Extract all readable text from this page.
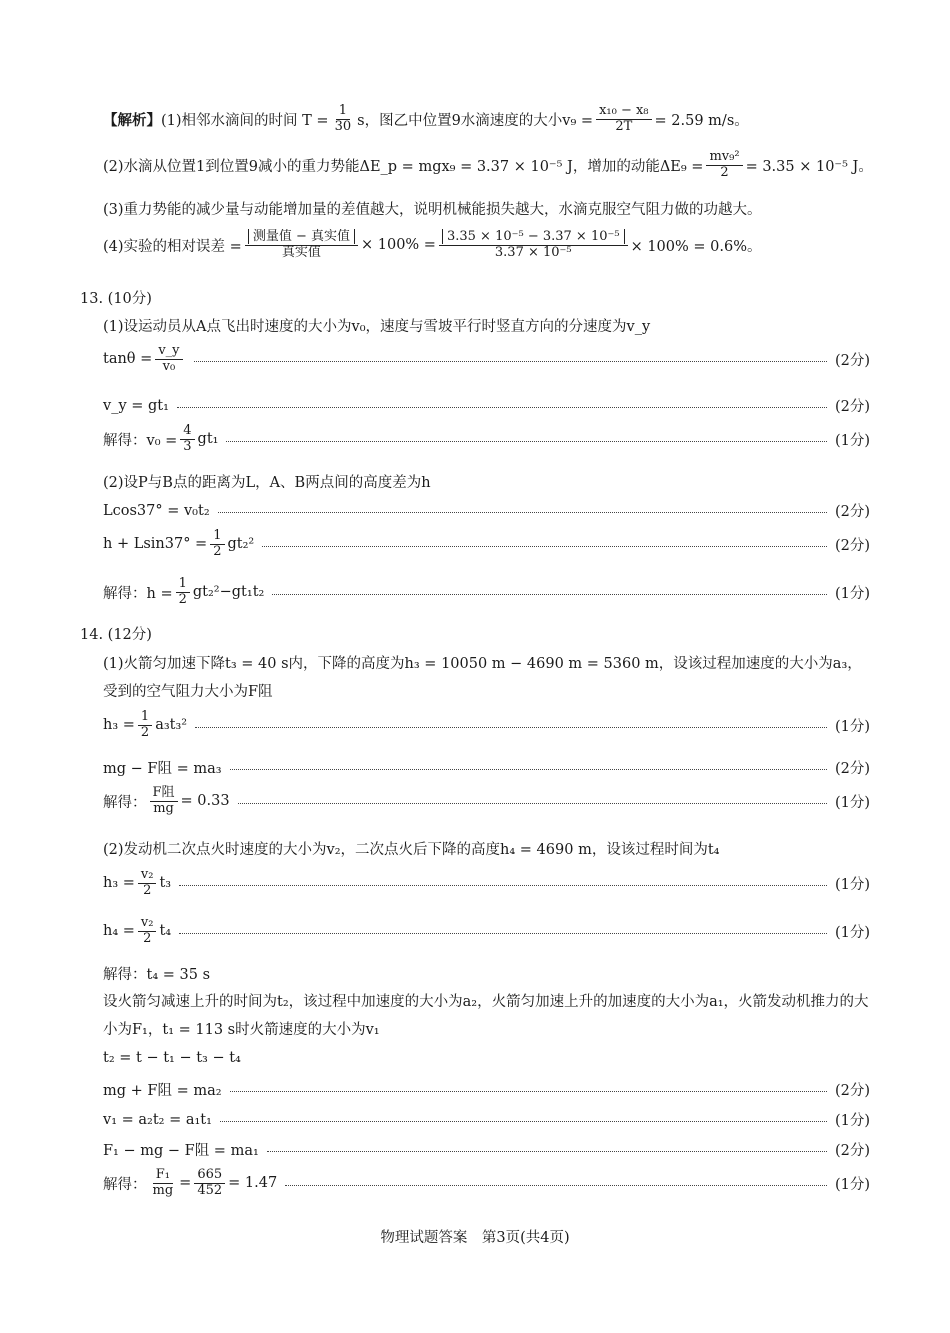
【解析】 (1)相邻水滴间的时间 $T = \frac{1}{30}$ s，图乙中位置9水滴速度的大小$v_9 = \frac{\text{x₁₀ − x₈}}{2T} = 2.59$ m/s。
(2)水滴从位置1到位置9减小的重力势能ΔE_p = mgx₉ = 3.37 × 10⁻⁵ J，增加的动能$\Delta E_9 = \frac{\text{mv₉²}}{2} = 3.35 \times 10^{-5}$ J。
(3)重力势能的减少量与动能增加量的差值越大，说明机械能损失越大，水滴克服空气阻力做的功越大。
(4)实验的相对误差 = $\frac{\text{测量值 − 真实值}}{\text{真实值}} \times 100\% = \frac{\text{3.35 × 10⁻⁵ − 3.37 × 10⁻⁵}}{\text{3.37 × 10⁻⁵}} \times 100\% = 0.6\%$。
13. (10分)
(1)设运动员从A点飞出时速度的大小为v₀，速度与雪坡平行时竖直方向的分速度为v_y
$\tan\theta = \frac{v\_y}{\text{v₀}}$	(2分)
v_y = gt₁	(2分)
解得：$v_0 = \frac{4}{3} gt_1$	(1分)
(2)设P与B点的距离为L，A、B两点间的高度差为h
Lcos37° = v₀t₂	(2分)
$h + Lsin37^\circ = \frac{1}{2} gt_2^2$	(2分)
解得：$h = \frac{1}{2} gt_2^2-gt_1t_2$	(1分)
14. (12分)
(1)火箭匀加速下降t₃ = 40 s内，下降的高度为h₃ = 10050 m − 4690 m = 5360 m，设该过程加速度的大小为a₃，受到的空气阻力大小为F阻
$h_3 = \frac{1}{2} a_3t_3^2$	(1分)
mg − F阻 = ma₃	(2分)
解得： $\frac{\text{F阻}}{mg} = 0.33$	(1分)
(2)发动机二次点火时速度的大小为v₂，二次点火后下降的高度h₄ = 4690 m，设该过程时间为t₄
$h_3 = \frac{\text{v₂}}{2} t_3$	(1分)
$h_4 = \frac{\text{v₂}}{2} t_4$	(1分)
解得：t₄ = 35 s
设火箭匀减速上升的时间为t₂，该过程中加速度的大小为a₂，火箭匀加速上升的加速度的大小为a₁，火箭发动机推力的大小为F₁，t₁ = 113 s时火箭速度的大小为v₁
t₂ = t − t₁ − t₃ − t₄
mg + F阻 = ma₂	(2分)
v₁ = a₂t₂ = a₁t₁	(1分)
F₁ − mg − F阻 = ma₁	(2分)
解得： $\frac{\text{F₁}}{mg} = \frac{665}{452} = 1.47$	(1分)
物理试题答案　第3页(共4页)
